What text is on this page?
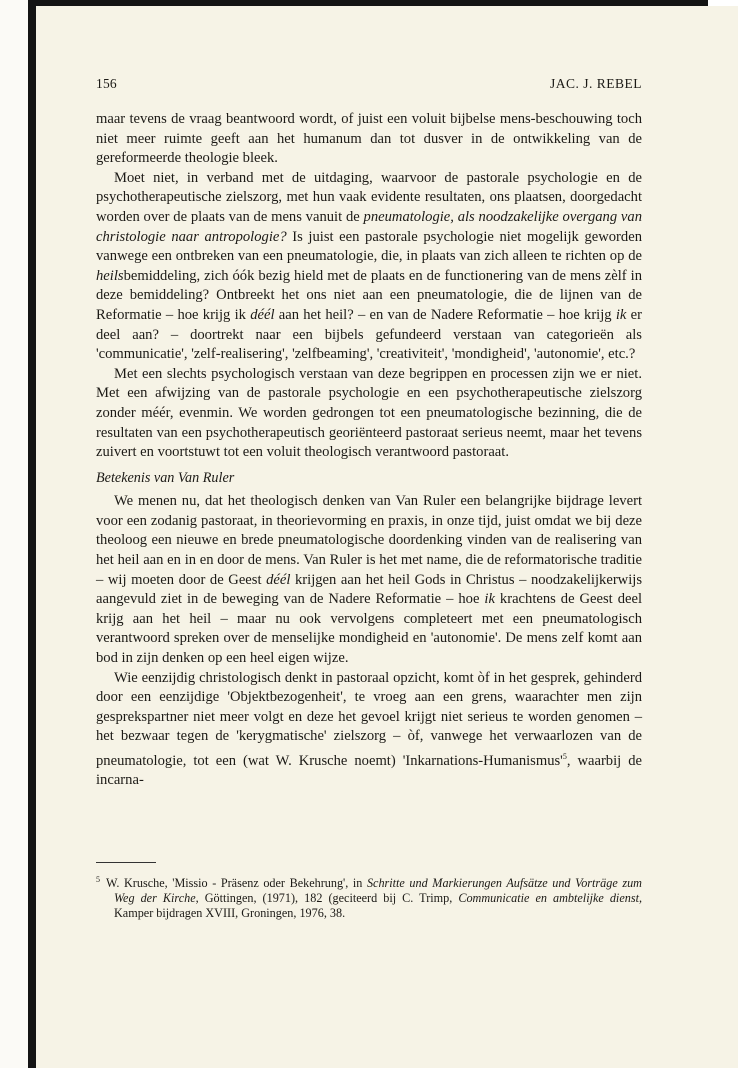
156	JAC. J. REBEL

maar tevens de vraag beantwoord wordt, of juist een voluit bijbelse mens-beschouwing toch niet meer ruimte geeft aan het humanum dan tot dusver in de ontwikkeling van de gereformeerde theologie bleek.

Moet niet, in verband met de uitdaging, waarvoor de pastorale psychologie en de psychotherapeutische zielszorg, met hun vaak evidente resultaten, ons plaatsen, doorgedacht worden over de plaats van de mens vanuit de pneumatologie, als noodzakelijke overgang van christologie naar antropologie? Is juist een pastorale psychologie niet mogelijk geworden vanwege een ontbreken van een pneumatologie, die, in plaats van zich alleen te richten op de heilsbemiddeling, zich óók bezig hield met de plaats en de functionering van de mens zèlf in deze bemiddeling? Ontbreekt het ons niet aan een pneumatologie, die de lijnen van de Reformatie – hoe krijg ik déél aan het heil? – en van de Nadere Reformatie – hoe krijg ik er deel aan? – doortrekt naar een bijbels gefundeerd verstaan van categorieën als 'communicatie', 'zelf-realisering', 'zelfbeaming', 'creativiteit', 'mondigheid', 'autonomie', etc.?

Met een slechts psychologisch verstaan van deze begrippen en processen zijn we er niet. Met een afwijzing van de pastorale psychologie en een psychotherapeutische zielszorg zonder méér, evenmin. We worden gedrongen tot een pneumatologische bezinning, die de resultaten van een psychotherapeutisch georiënteerd pastoraat serieus neemt, maar het tevens zuivert en voortstuwt tot een voluit theologisch verantwoord pastoraat.

Betekenis van Van Ruler

We menen nu, dat het theologisch denken van Van Ruler een belangrijke bijdrage levert voor een zodanig pastoraat, in theorievorming en praxis, in onze tijd, juist omdat we bij deze theoloog een nieuwe en brede pneumatologische doordenking vinden van de realisering van het heil aan en in en door de mens. Van Ruler is het met name, die de reformatorische traditie – wij moeten door de Geest déél krijgen aan het heil Gods in Christus – noodzakelijkerwijs aangevuld ziet in de beweging van de Nadere Reformatie – hoe ik krachtens de Geest deel krijg aan het heil – maar nu ook vervolgens completeert met een pneumatologisch verantwoord spreken over de menselijke mondigheid en 'autonomie'. De mens zelf komt aan bod in zijn denken op een heel eigen wijze.

Wie eenzijdig christologisch denkt in pastoraal opzicht, komt òf in het gesprek, gehinderd door een eenzijdige 'Objektbezogenheit', te vroeg aan een grens, waarachter men zijn gesprekspartner niet meer volgt en deze het gevoel krijgt niet serieus te worden genomen – het bezwaar tegen de 'kerygmatische' zielszorg – òf, vanwege het verwaarlozen van de pneumatologie, tot een (wat W. Krusche noemt) 'Inkarnations-Humanismus'$^5$, waarbij de incarna-

$^5$ W. Krusche, 'Missio - Präsenz oder Bekehrung', in Schritte und Markierungen Aufsätze und Vorträge zum Weg der Kirche, Göttingen, (1971), 182 (geciteerd bij C. Trimp, Communicatie en ambtelijke dienst, Kamper bijdragen XVIII, Groningen, 1976, 38.
